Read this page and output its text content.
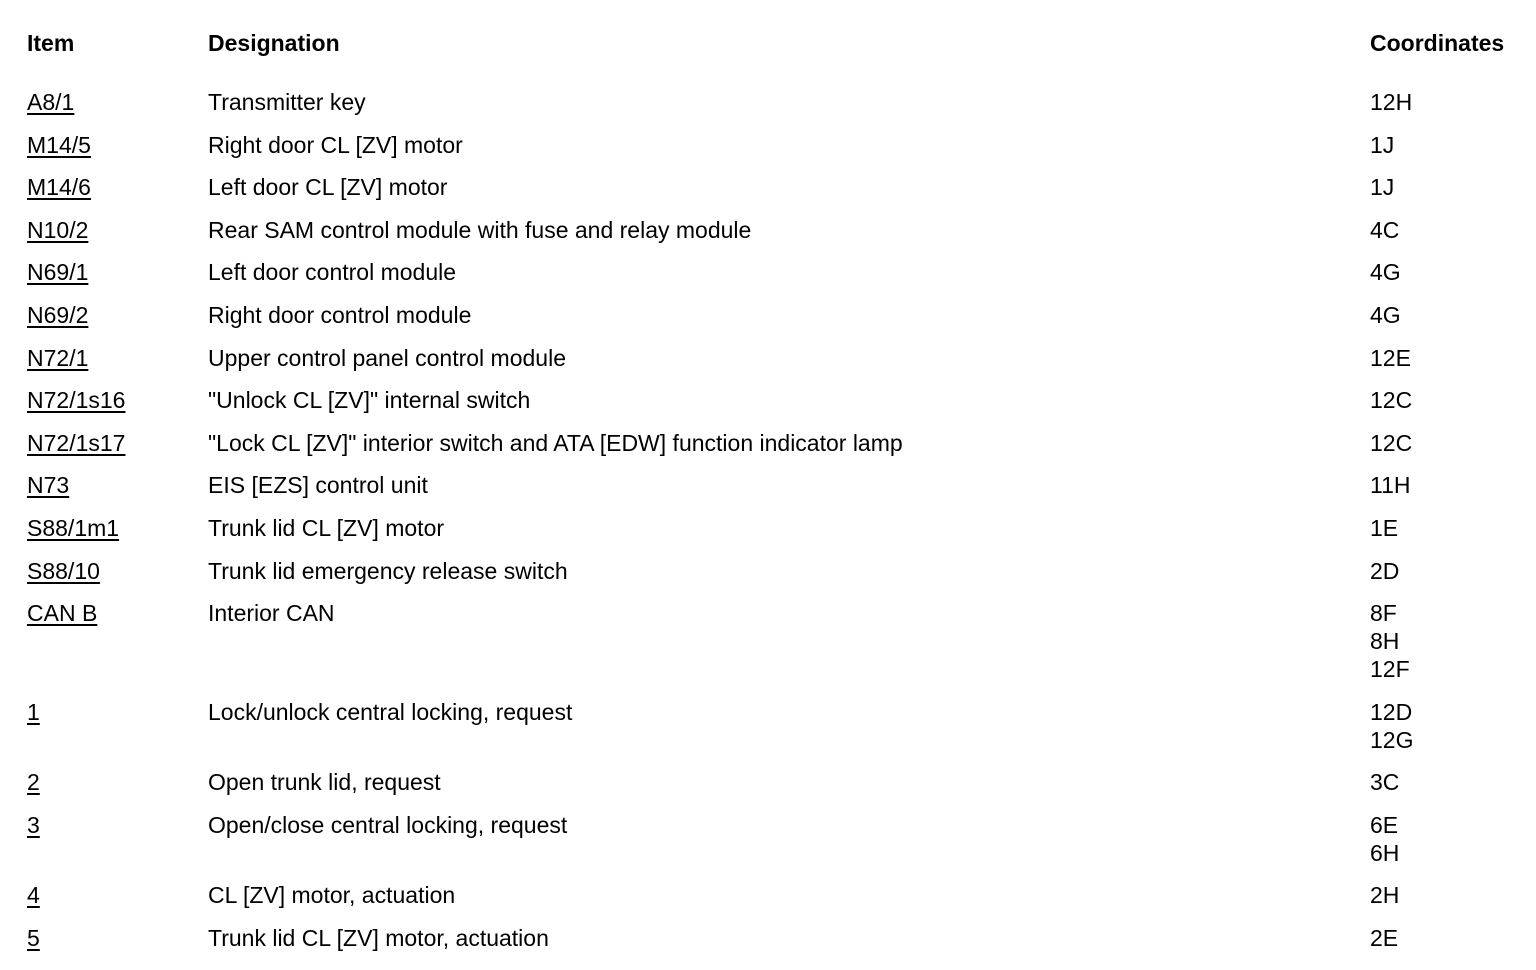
Item	Designation	Coordinates
A8/1	Transmitter key	12H
M14/5	Right door CL [ZV] motor	1J
M14/6	Left door CL [ZV] motor	1J
N10/2	Rear SAM control module with fuse and relay module	4C
N69/1	Left door control module	4G
N69/2	Right door control module	4G
N72/1	Upper control panel control module	12E
N72/1s16	"Unlock CL [ZV]" internal switch	12C
N72/1s17	"Lock CL [ZV]" interior switch and ATA [EDW] function indicator lamp	12C
N73	EIS [EZS] control unit	11H
S88/1m1	Trunk lid CL [ZV] motor	1E
S88/10	Trunk lid emergency release switch	2D
CAN B	Interior CAN	8F
8H
12F
1	Lock/unlock central locking, request	12D
12G
2	Open trunk lid, request	3C
3	Open/close central locking, request	6E
6H
4	CL [ZV] motor, actuation	2H
5	Trunk lid CL [ZV] motor, actuation	2E
